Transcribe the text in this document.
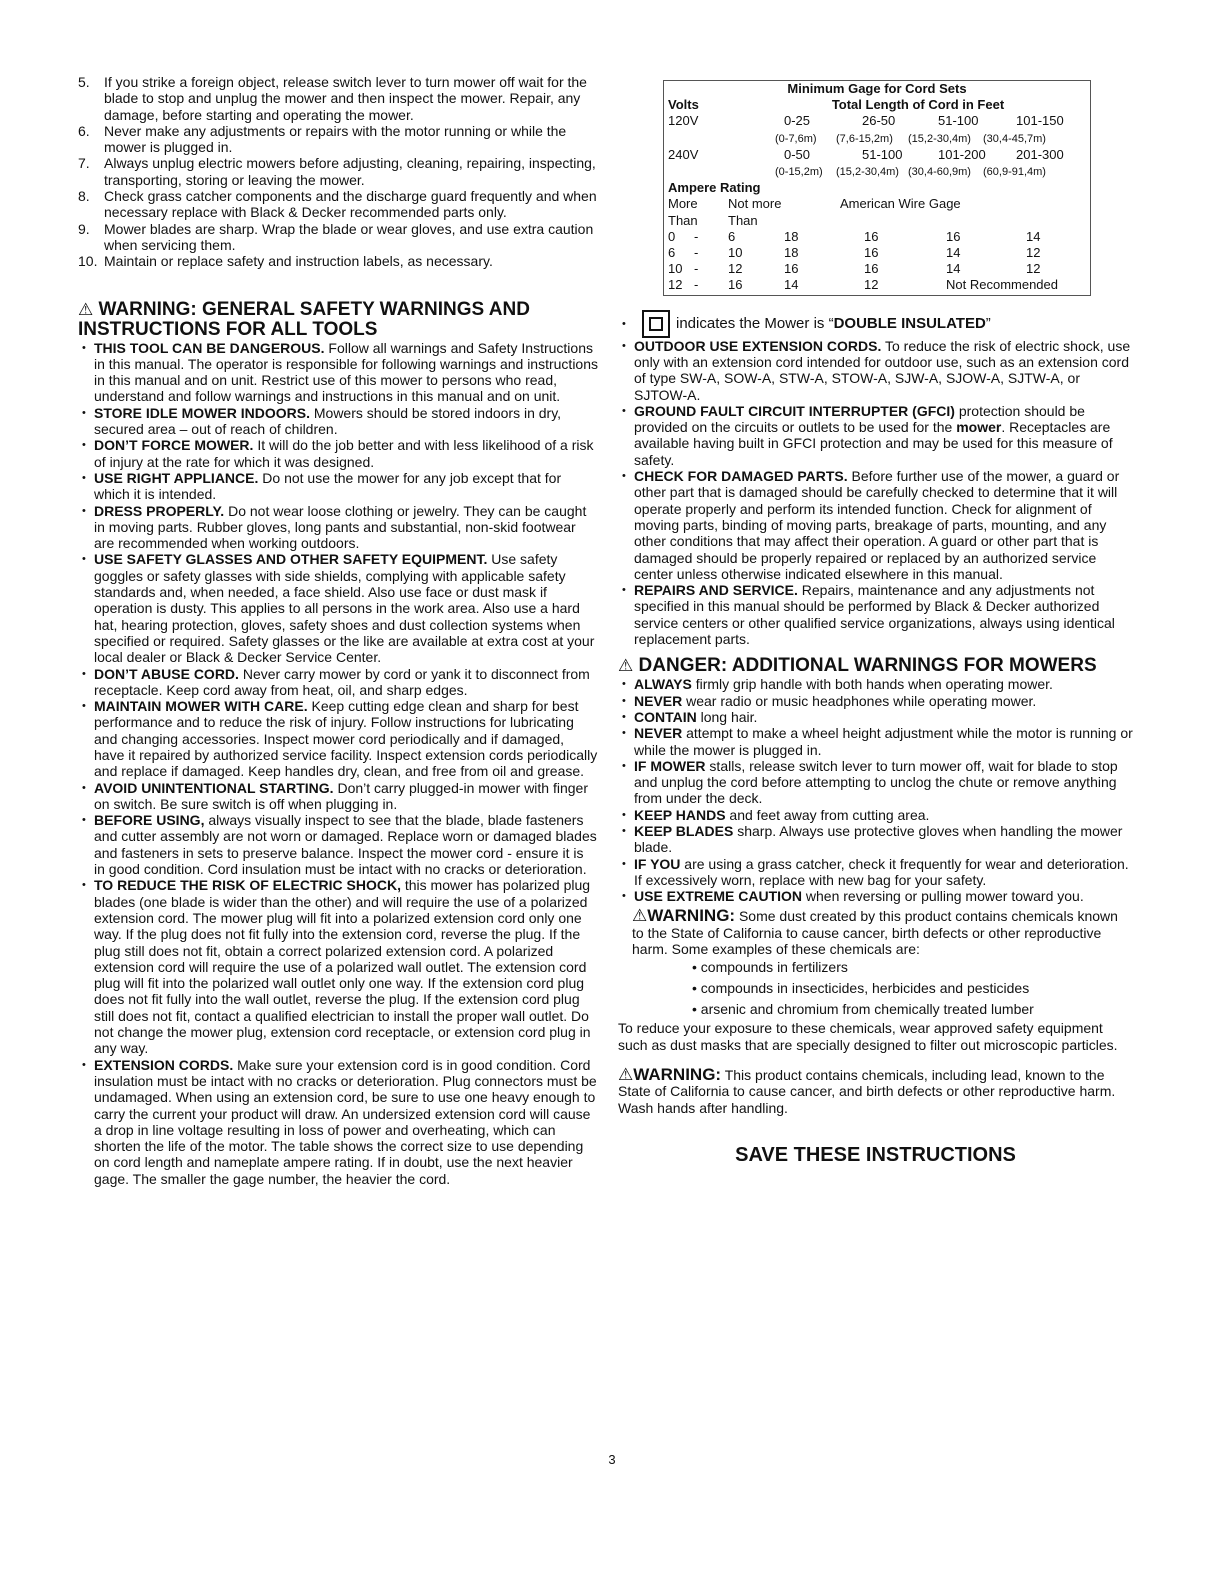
5. If you strike a foreign object, release switch lever to turn mower off wait for the blade to stop and unplug the mower and then inspect the mower. Repair, any damage, before starting and operating the mower.
6. Never make any adjustments or repairs with the motor running or while the mower is plugged in.
7. Always unplug electric mowers before adjusting, cleaning, repairing, inspecting, transporting, storing or leaving the mower.
8. Check grass catcher components and the discharge guard frequently and when necessary replace with Black & Decker recommended parts only.
9. Mower blades are sharp. Wrap the blade or wear gloves, and use extra caution when servicing them.
10. Maintain or replace safety and instruction labels, as necessary.
⚠ WARNING: GENERAL SAFETY WARNINGS AND INSTRUCTIONS FOR ALL TOOLS
• THIS TOOL CAN BE DANGEROUS. Follow all warnings and Safety Instructions in this manual. The operator is responsible for following warnings and instructions in this manual and on unit. Restrict use of this mower to persons who read, understand and follow warnings and instructions in this manual and on unit.
• STORE IDLE MOWER INDOORS. Mowers should be stored indoors in dry, secured area – out of reach of children.
• DON’T FORCE MOWER. It will do the job better and with less likelihood of a risk of injury at the rate for which it was designed.
• USE RIGHT APPLIANCE. Do not use the mower for any job except that for which it is intended.
• DRESS PROPERLY. Do not wear loose clothing or jewelry. They can be caught in moving parts. Rubber gloves, long pants and substantial, non-skid footwear are recommended when working outdoors.
• USE SAFETY GLASSES AND OTHER SAFETY EQUIPMENT. Use safety goggles or safety glasses with side shields, complying with applicable safety standards and, when needed, a face shield. Also use face or dust mask if operation is dusty. This applies to all persons in the work area. Also use a hard hat, hearing protection, gloves, safety shoes and dust collection systems when specified or required. Safety glasses or the like are available at extra cost at your local dealer or Black & Decker Service Center.
• DON’T ABUSE CORD. Never carry mower by cord or yank it to disconnect from receptacle. Keep cord away from heat, oil, and sharp edges.
• MAINTAIN MOWER WITH CARE. Keep cutting edge clean and sharp for best performance and to reduce the risk of injury. Follow instructions for lubricating and changing accessories. Inspect mower cord periodically and if damaged, have it repaired by authorized service facility. Inspect extension cords periodically and replace if damaged. Keep handles dry, clean, and free from oil and grease.
• AVOID UNINTENTIONAL STARTING. Don’t carry plugged-in mower with finger on switch. Be sure switch is off when plugging in.
• BEFORE USING, always visually inspect to see that the blade, blade fasteners and cutter assembly are not worn or damaged. Replace worn or damaged blades and fasteners in sets to preserve balance. Inspect the mower cord - ensure it is in good condition. Cord insulation must be intact with no cracks or deterioration.
• TO REDUCE THE RISK OF ELECTRIC SHOCK, this mower has polarized plug blades (one blade is wider than the other) and will require the use of a polarized extension cord. The mower plug will fit into a polarized extension cord only one way. If the plug does not fit fully into the extension cord, reverse the plug. If the plug still does not fit, obtain a correct polarized extension cord. A polarized extension cord will require the use of a polarized wall outlet. The extension cord plug will fit into the polarized wall outlet only one way. If the extension cord plug does not fit fully into the wall outlet, reverse the plug. If the extension cord plug still does not fit, contact a qualified electrician to install the proper wall outlet. Do not change the mower plug, extension cord receptacle, or extension cord plug in any way.
• EXTENSION CORDS. Make sure your extension cord is in good condition. Cord insulation must be intact with no cracks or deterioration. Plug connectors must be undamaged. When using an extension cord, be sure to use one heavy enough to carry the current your product will draw. An undersized extension cord will cause a drop in line voltage resulting in loss of power and overheating, which can shorten the life of the motor. The table shows the correct size to use depending on cord length and nameplate ampere rating. If in doubt, use the next heavier gage. The smaller the gage number, the heavier the cord.
Minimum Gage for Cord Sets
Volts	Total Length of Cord in Feet
120V	0-25	26-50	51-100	101-150
(0-7,6m)	(7,6-15,2m)	(15,2-30,4m)	(30,4-45,7m)
240V	0-50	51-100	101-200	201-300
(0-15,2m)	(15,2-30,4m) (30,4-60,9m)	(60,9-91,4m)
Ampere Rating
More	Not more	American Wire Gage
Than	Than
0	-	6	18	16	16	14
6	-	10	18	16	14	12
10 -	12	16	16	14	12
12 -	16	14	12	Not Recommended
• indicates the Mower is “DOUBLE INSULATED”
• OUTDOOR USE EXTENSION CORDS. To reduce the risk of electric shock, use only with an extension cord intended for outdoor use, such as an extension cord of type SW-A, SOW-A, STW-A, STOW-A, SJW-A, SJOW-A, SJTW-A, or SJTOW-A.
• GROUND FAULT CIRCUIT INTERRUPTER (GFCI) protection should be provided on the circuits or outlets to be used for the mower. Receptacles are available having built in GFCI protection and may be used for this measure of safety.
• CHECK FOR DAMAGED PARTS. Before further use of the mower, a guard or other part that is damaged should be carefully checked to determine that it will operate properly and perform its intended function. Check for alignment of moving parts, binding of moving parts, breakage of parts, mounting, and any other conditions that may affect their operation. A guard or other part that is damaged should be properly repaired or replaced by an authorized service center unless otherwise indicated elsewhere in this manual.
• REPAIRS AND SERVICE. Repairs, maintenance and any adjustments not specified in this manual should be performed by Black & Decker authorized service centers or other qualified service organizations, always using identical replacement parts.
⚠ DANGER: ADDITIONAL WARNINGS FOR MOWERS
• ALWAYS firmly grip handle with both hands when operating mower.
• NEVER wear radio or music headphones while operating mower.
• CONTAIN long hair.
• NEVER attempt to make a wheel height adjustment while the motor is running or while the mower is plugged in.
• IF MOWER stalls, release switch lever to turn mower off, wait for blade to stop and unplug the cord before attempting to unclog the chute or remove anything from under the deck.
• KEEP HANDS and feet away from cutting area.
• KEEP BLADES sharp. Always use protective gloves when handling the mower blade.
• IF YOU are using a grass catcher, check it frequently for wear and deterioration. If excessively worn, replace with new bag for your safety.
• USE EXTREME CAUTION when reversing or pulling mower toward you.

⚠WARNING: Some dust created by this product contains chemicals known to the State of California to cause cancer, birth defects or other reproductive harm. Some examples of these chemicals are:

• compounds in fertilizers
• compounds in insecticides, herbicides and pesticides
• arsenic and chromium from chemically treated lumber

To reduce your exposure to these chemicals, wear approved safety equipment such as dust masks that are specially designed to filter out microscopic particles.

⚠WARNING: This product contains chemicals, including lead, known to the State of California to cause cancer, and birth defects or other reproductive harm. Wash hands after handling.

SAVE THESE INSTRUCTIONS
3
